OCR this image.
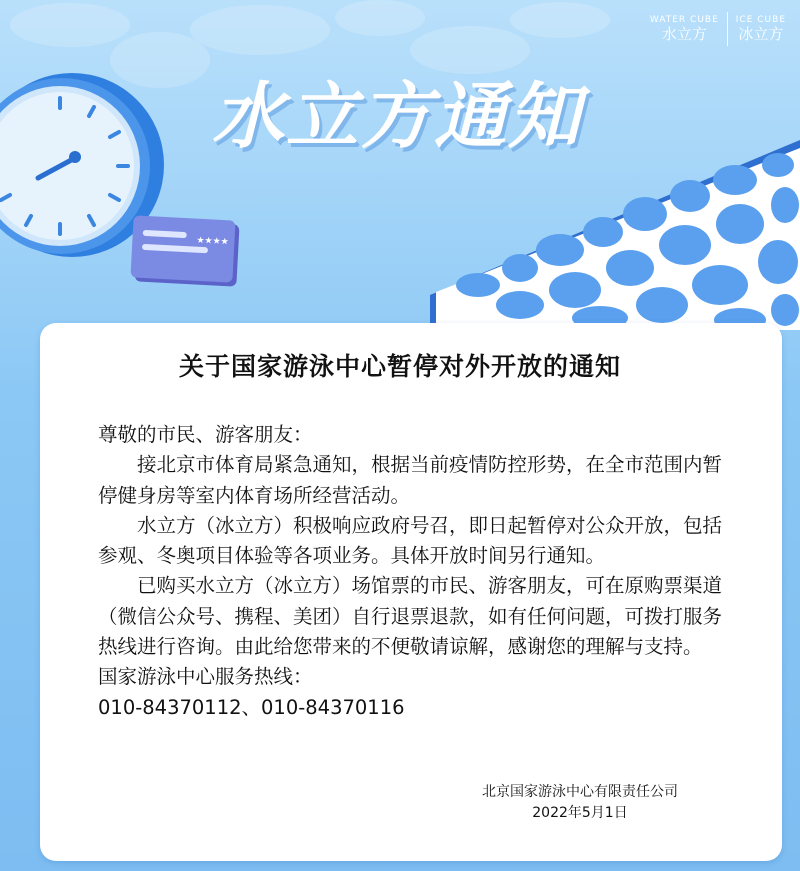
★★★★
WATER CUBE
水立方
ICE CUBE
冰立方
水立方通知
关于国家游泳中心暂停对外开放的通知

尊敬的市民、游客朋友：

接北京市体育局紧急通知，根据当前疫情防控形势，在全市范围内暂停健身房等室内体育场所经营活动。

水立方（冰立方）积极响应政府号召，即日起暂停对公众开放，包括参观、冬奥项目体验等各项业务。具体开放时间另行通知。

已购买水立方（冰立方）场馆票的市民、游客朋友，可在原购票渠道（微信公众号、携程、美团）自行退票退款，如有任何问题，可拨打服务热线进行咨询。由此给您带来的不便敬请谅解，感谢您的理解与支持。

国家游泳中心服务热线：

010-84370112、010-84370116

北京国家游泳中心有限责任公司
2022年5月1日
